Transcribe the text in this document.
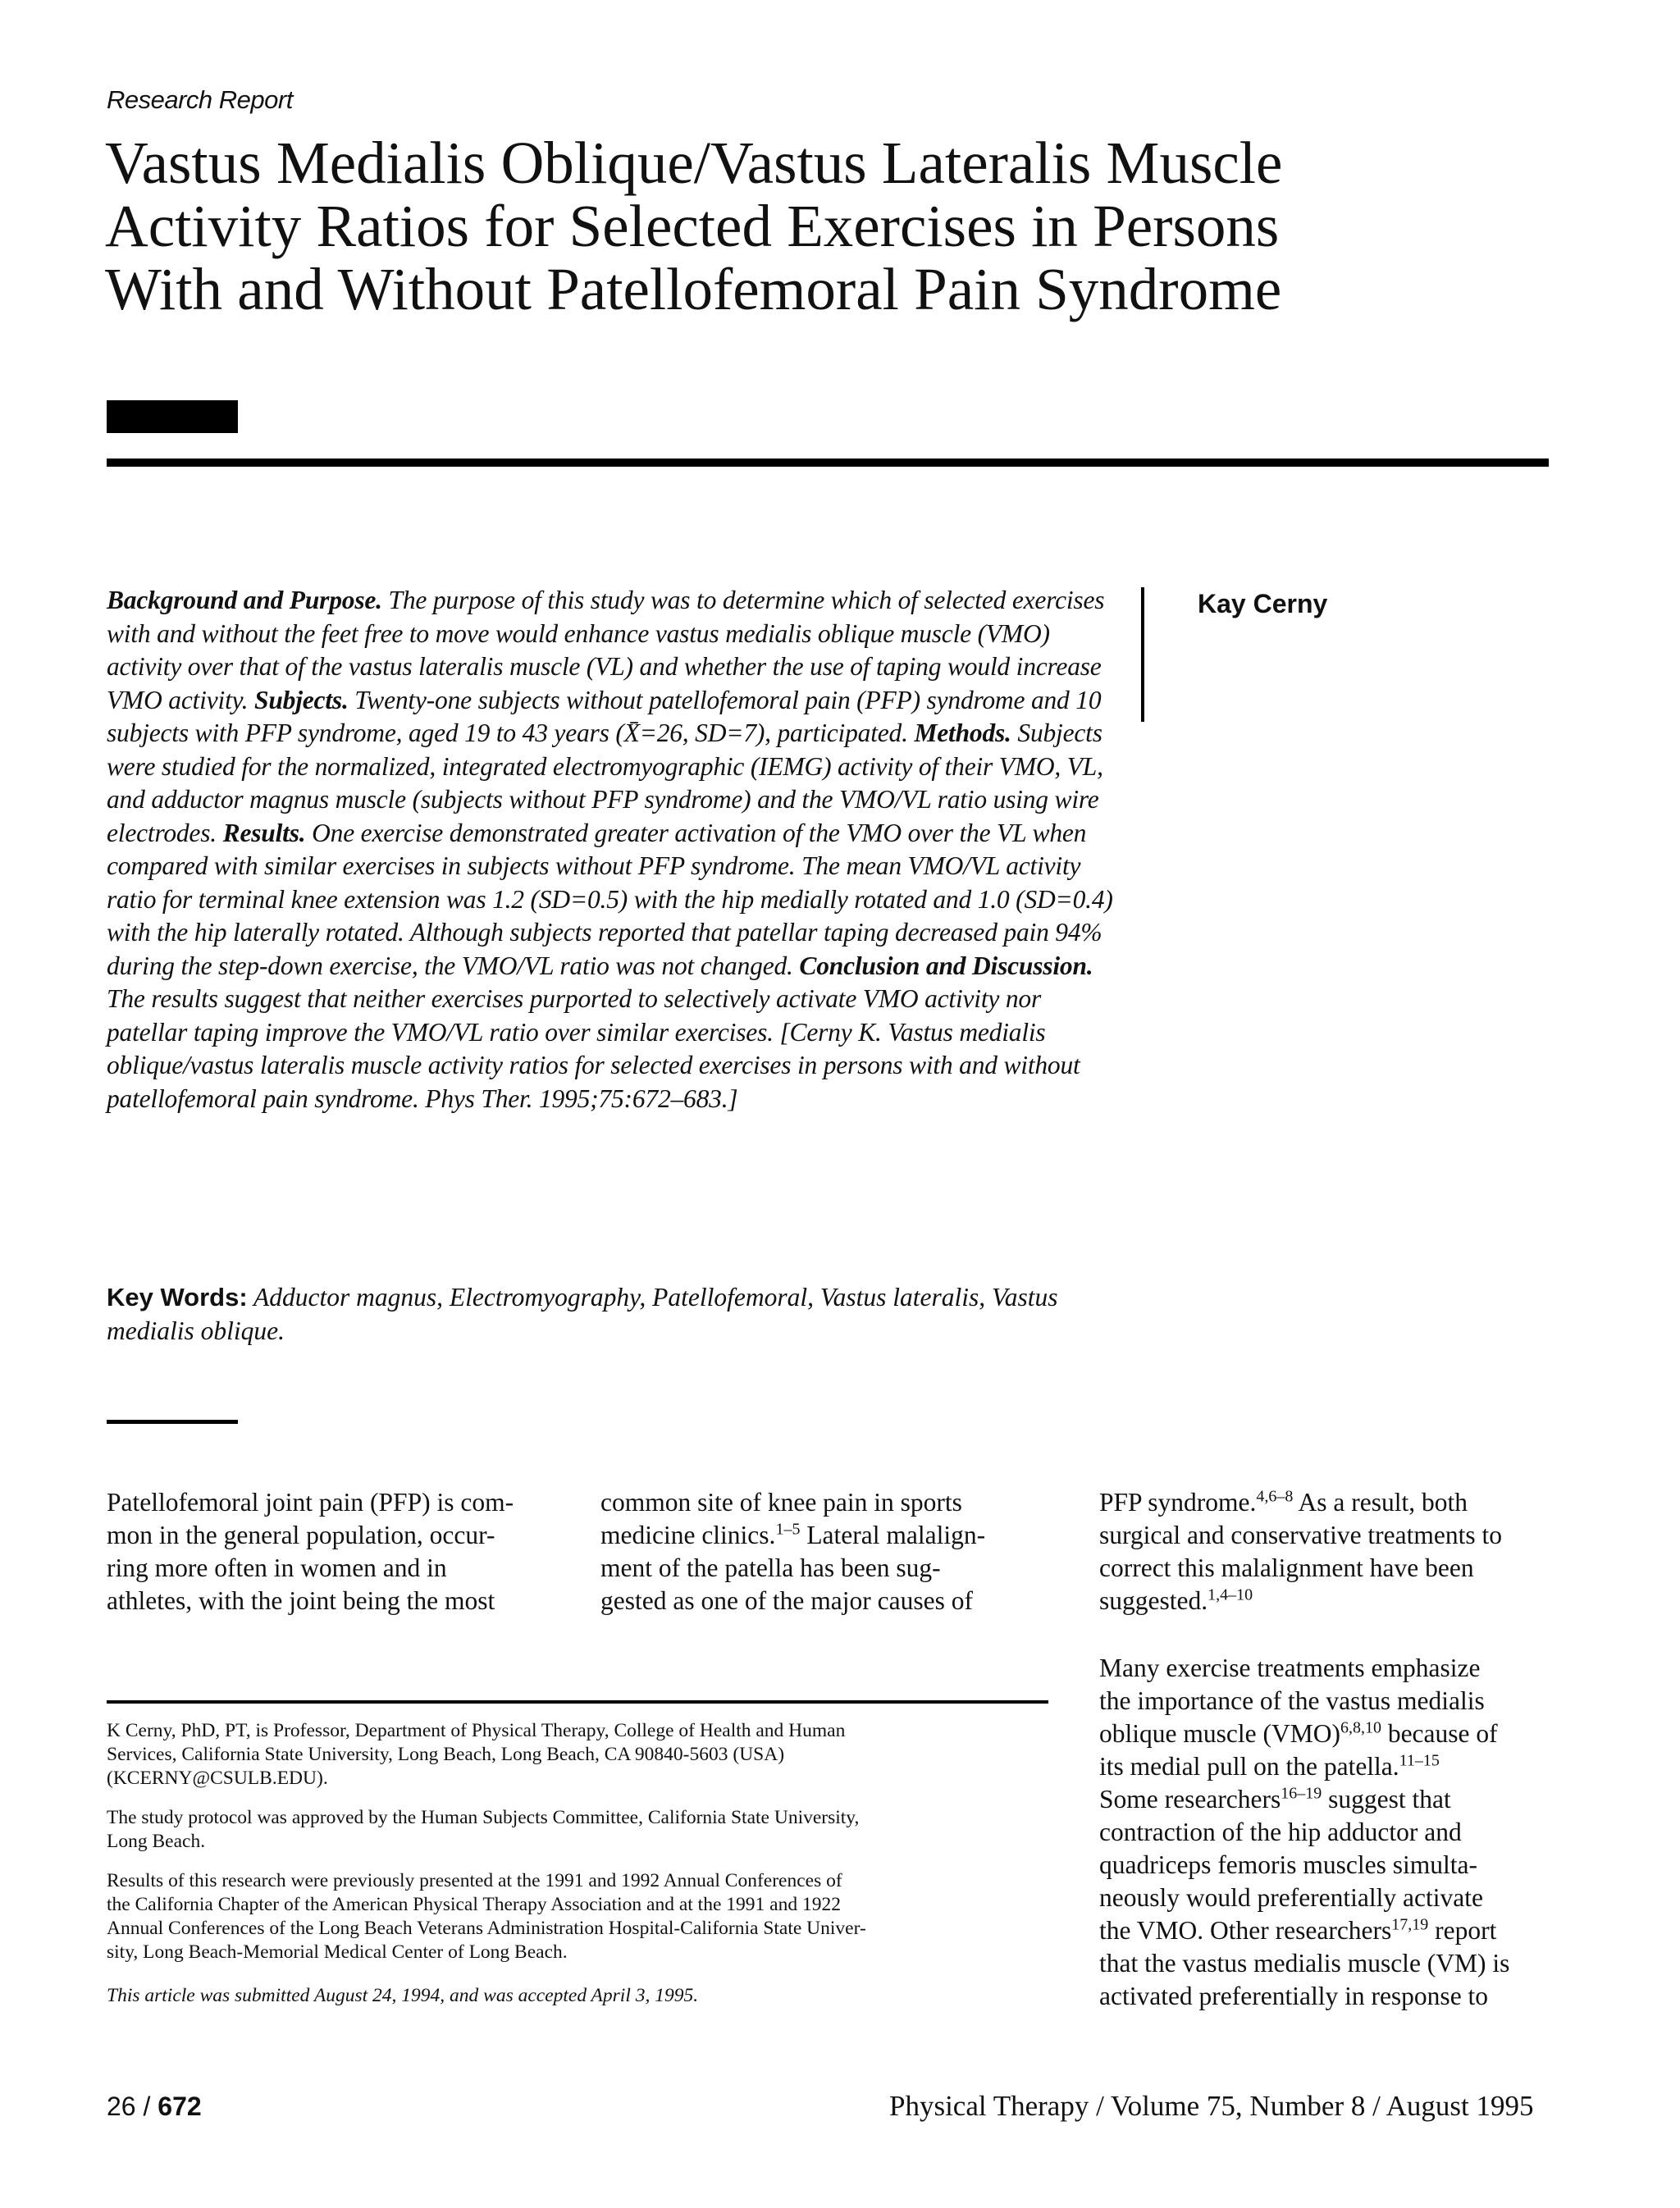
Research Report
Vastus Medialis Oblique/Vastus Lateralis Muscle
Activity Ratios for Selected Exercises in Persons
With and Without Patellofemoral Pain Syndrome
Background and Purpose. The purpose of this study was to determine which of selected exercises with and without the feet free to move would enhance vastus medialis oblique muscle (VMO) activity over that of the vastus lateralis muscle (VL) and whether the use of taping would increase VMO activity. Subjects. Twenty-one subjects without patellofemoral pain (PFP) syndrome and 10 subjects with PFP syndrome, aged 19 to 43 years (X̄=26, SD=7), participated. Methods. Subjects were studied for the normalized, integrated electromyographic (IEMG) activity of their VMO, VL, and adductor magnus muscle (subjects without PFP syndrome) and the VMO/VL ratio using wire electrodes. Results. One exercise demonstrated greater activation of the VMO over the VL when compared with similar exercises in subjects without PFP syndrome. The mean VMO/VL activity ratio for terminal knee extension was 1.2 (SD=0.5) with the hip medially rotated and 1.0 (SD=0.4) with the hip laterally rotated. Although subjects reported that patellar taping decreased pain 94% during the step-down exercise, the VMO/VL ratio was not changed. Conclusion and Discussion. The results suggest that neither exercises purported to selectively activate VMO activity nor patellar taping improve the VMO/VL ratio over similar exercises. [Cerny K. Vastus medialis oblique/vastus lateralis muscle activity ratios for selected exercises in persons with and without patellofemoral pain syndrome. Phys Ther. 1995;75:672–683.]
Kay Cerny
Key Words: Adductor magnus, Electromyography, Patellofemoral, Vastus lateralis, Vastus medialis oblique.
Patellofemoral joint pain (PFP) is com-
mon in the general population, occur-
ring more often in women and in
athletes, with the joint being the most
common site of knee pain in sports
medicine clinics.$^{1-5}$ Lateral malalign-
ment of the patella has been sug-
gested as one of the major causes of

PFP syndrome.$^{4,6-8}$ As a result, both
surgical and conservative treatments to
correct this malalignment have been
suggested.$^{1,4-10}$

Many exercise treatments emphasize
the importance of the vastus medialis
oblique muscle (VMO)$^{6,8,10}$ because of
its medial pull on the patella.$^{11-15}$
Some researchers$^{16-19}$ suggest that
contraction of the hip adductor and
quadriceps femoris muscles simulta-
neously would preferentially activate
the VMO. Other researchers$^{17,19}$ report
that the vastus medialis muscle (VM) is
activated preferentially in response to

K Cerny, PhD, PT, is Professor, Department of Physical Therapy, College of Health and Human
Services, California State University, Long Beach, Long Beach, CA 90840-5603 (USA)
(KCERNY@CSULB.EDU).

The study protocol was approved by the Human Subjects Committee, California State University,
Long Beach.

Results of this research were previously presented at the 1991 and 1992 Annual Conferences of
the California Chapter of the American Physical Therapy Association and at the 1991 and 1922
Annual Conferences of the Long Beach Veterans Administration Hospital-California State Univer-
sity, Long Beach-Memorial Medical Center of Long Beach.

This article was submitted August 24, 1994, and was accepted April 3, 1995.

26 / 672	Physical Therapy / Volume 75, Number 8 / August 1995
